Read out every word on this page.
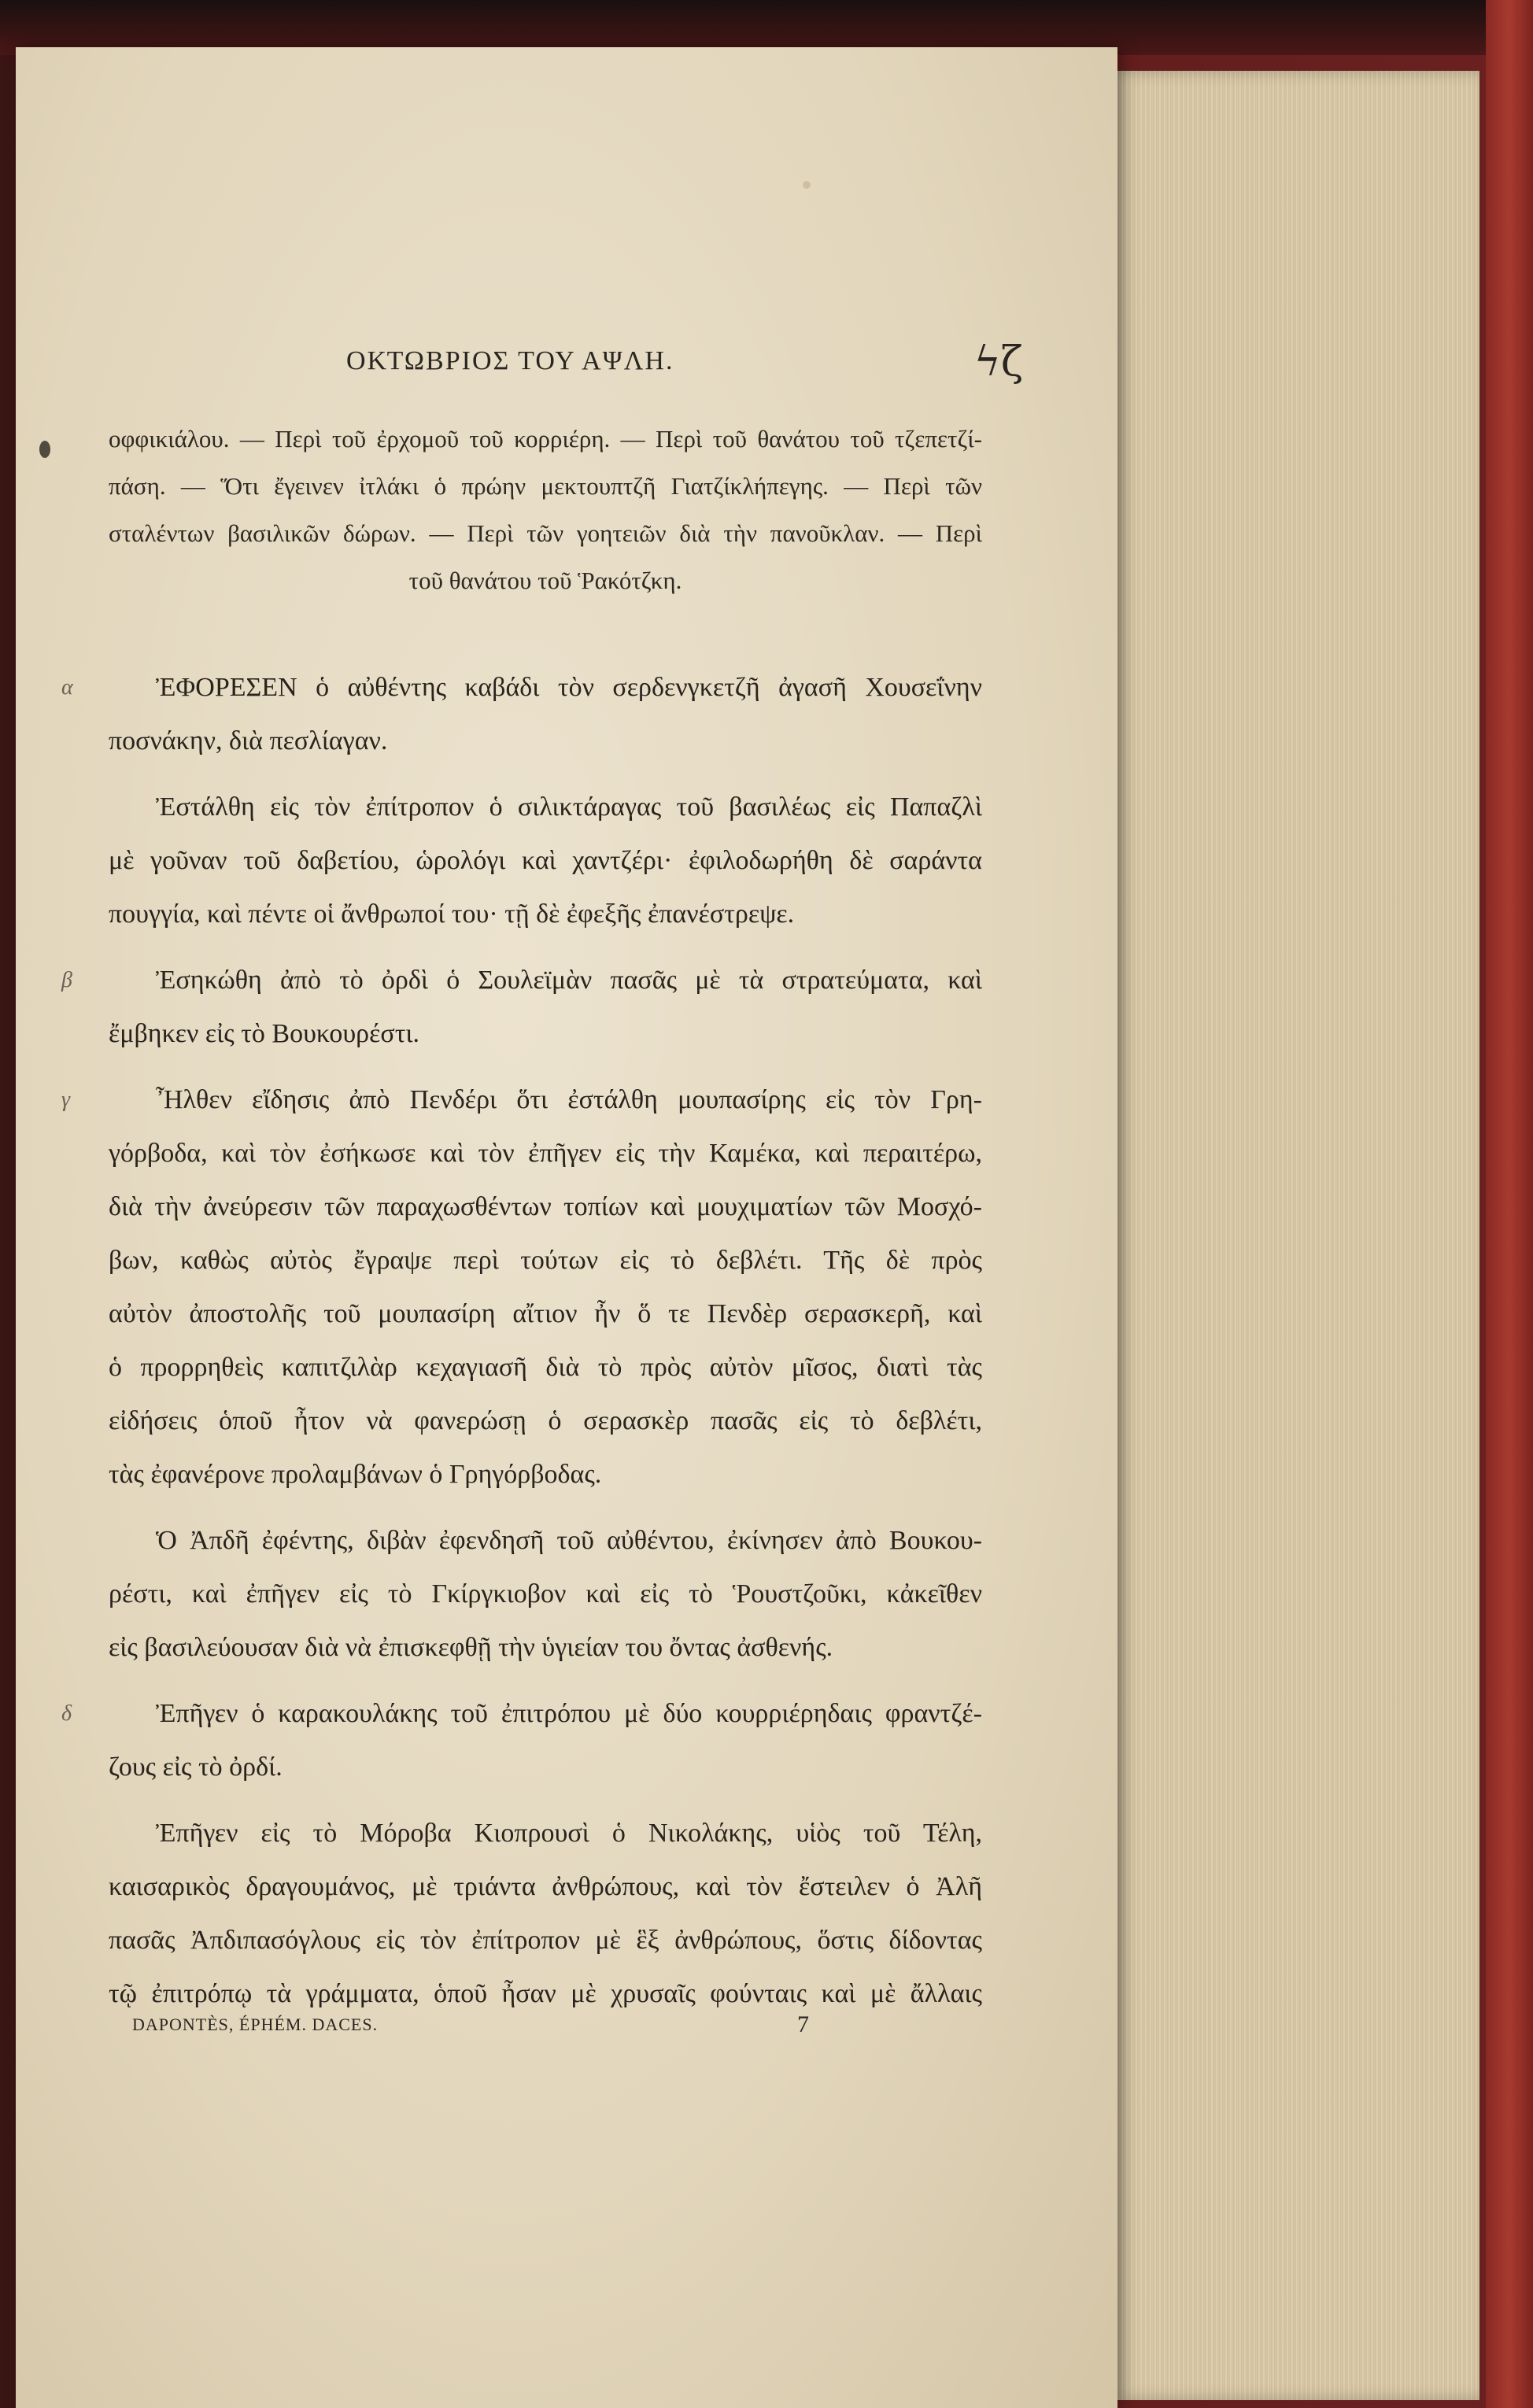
ΟΚΤΩΒΡΙΟΣ ΤΟΥ ΑΨΛΗ.	ϟζ
οφφικιάλου. — Περὶ τοῦ ἐρχομοῦ τοῦ κορριέρη. — Περὶ τοῦ θανάτου τοῦ τζεπετζί-
πάση. — Ὅτι ἔγεινεν ἰτλάκι ὁ πρώην μεκτουπτζῆ Γιατζίκλήπεγης. — Περὶ τῶν
σταλέντων βασιλικῶν δώρων. — Περὶ τῶν γοητειῶν διὰ τὴν πανοῦκλαν. — Περὶ
τοῦ θανάτου τοῦ Ῥακότζκη.
α	ἘΦΟΡΕΣΕΝ ὁ αὐθέντης καβάδι τὸν σερδενγκετζῆ ἀγασῆ Χουσεΐνην
ποσνάκην, διὰ πεσλίαγαν.
Ἐστάλθη εἰς τὸν ἐπίτροπον ὁ σιλικτάραγας τοῦ βασιλέως εἰς Παπαζλὶ
μὲ γοῦναν τοῦ δαβετίου, ὡρολόγι καὶ χαντζέρι· ἐφιλοδωρήθη δὲ σαράντα
πουγγία, καὶ πέντε οἱ ἄνθρωποί του· τῇ δὲ ἐφεξῆς ἐπανέστρεψε.
β	Ἐσηκώθη ἀπὸ τὸ ὀρδὶ ὁ Σουλεϊμὰν πασᾶς μὲ τὰ στρατεύματα, καὶ
ἔμβηκεν εἰς τὸ Βουκουρέστι.
γ	Ἦλθεν εἴδησις ἀπὸ Πενδέρι ὅτι ἐστάλθη μουπασίρης εἰς τὸν Γρη-
γόρβοδα, καὶ τὸν ἐσήκωσε καὶ τὸν ἐπῆγεν εἰς τὴν Καμέκα, καὶ περαιτέρω,
διὰ τὴν ἀνεύρεσιν τῶν παραχωσθέντων τοπίων καὶ μουχιματίων τῶν Μοσχό-
βων, καθὼς αὐτὸς ἔγραψε περὶ τούτων εἰς τὸ δεβλέτι. Τῆς δὲ πρὸς
αὐτὸν ἀποστολῆς τοῦ μουπασίρη αἴτιον ἦν ὅ τε Πενδὲρ σερασκερῆ, καὶ
ὁ προρρηθεὶς καπιτζιλὰρ κεχαγιασῆ διὰ τὸ πρὸς αὐτὸν μῖσος, διατὶ τὰς
εἰδήσεις ὁποῦ ἦτον νὰ φανερώσῃ ὁ σερασκὲρ πασᾶς εἰς τὸ δεβλέτι,
τὰς ἐφανέρονε προλαμβάνων ὁ Γρηγόρβοδας.
Ὁ Ἀπδῆ ἐφέντης, διβὰν ἐφενδησῆ τοῦ αὐθέντου, ἐκίνησεν ἀπὸ Βουκου-
ρέστι, καὶ ἐπῆγεν εἰς τὸ Γκίργκιοβον καὶ εἰς τὸ Ῥουστζοῦκι, κἀκεῖθεν
εἰς βασιλεύουσαν διὰ νὰ ἐπισκεφθῇ τὴν ὑγιείαν του ὄντας ἀσθενής.
δ	Ἐπῆγεν ὁ καρακουλάκης τοῦ ἐπιτρόπου μὲ δύο κουρριέρηδαις φραντζέ-
ζους εἰς τὸ ὀρδί.
Ἐπῆγεν εἰς τὸ Μόροβα Κιοπρουσὶ ὁ Νικολάκης, υἱὸς τοῦ Τέλη,
καισαρικὸς δραγουμάνος, μὲ τριάντα ἀνθρώπους, καὶ τὸν ἔστειλεν ὁ Ἀλῆ
πασᾶς Ἀπδιπασόγλους εἰς τὸν ἐπίτροπον μὲ ἓξ ἀνθρώπους, ὅστις δίδοντας
τῷ ἐπιτρόπῳ τὰ γράμματα, ὁποῦ ἦσαν μὲ χρυσαῖς φούνταις καὶ μὲ ἄλλαις
DAPONTÈS, ÉPHÉM. DACES.	7
